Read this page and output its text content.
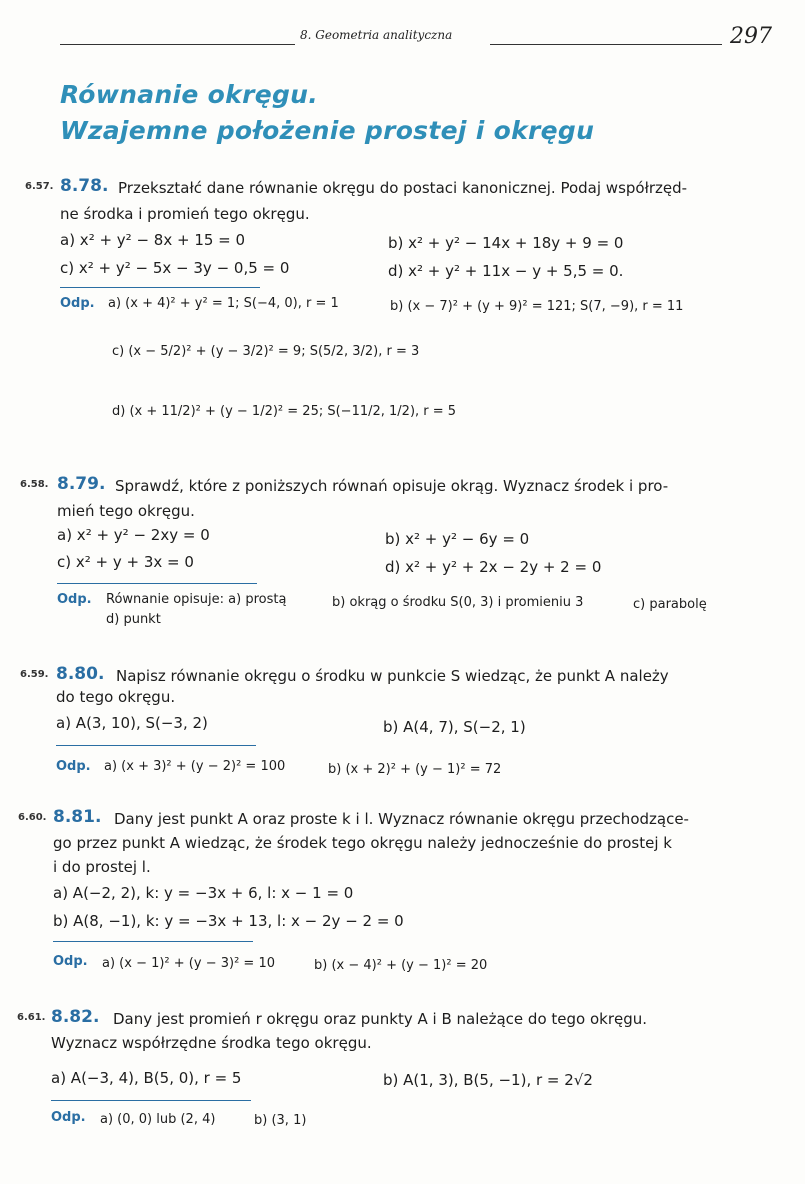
8. Geometria analityczna	297
Równanie okręgu.
Wzajemne położenie prostej i okręgu
6.57. 8.78. Przekształć dane równanie okręgu do postaci kanonicznej. Podaj współrzęd-
ne środka i promień tego okręgu.
a) x² + y² − 8x + 15 = 0	b) x² + y² − 14x + 18y + 9 = 0
c) x² + y² − 5x − 3y − 0,5 = 0	d) x² + y² + 11x − y + 5,5 = 0.
Odp. a) (x + 4)² + y² = 1; S(−4, 0), r = 1	b) (x − 7)² + (y + 9)² = 121; S(7, −9), r = 11
c) (x − 5/2)² + (y − 3/2)² = 9; S(5/2, 3/2), r = 3
d) (x + 11/2)² + (y − 1/2)² = 25; S(−11/2, 1/2), r = 5
6.58. 8.79. Sprawdź, które z poniższych równań opisuje okrąg. Wyznacz środek i pro-
mień tego okręgu.
a) x² + y² − 2xy = 0	b) x² + y² − 6y = 0
c) x² + y + 3x = 0	d) x² + y² + 2x − 2y + 2 = 0
Odp. Równanie opisuje: a) prostą	b) okrąg o środku S(0, 3) i promieniu 3	c) parabolę
d) punkt
6.59. 8.80. Napisz równanie okręgu o środku w punkcie S wiedząc, że punkt A należy
do tego okręgu.
a) A(3, 10), S(−3, 2)	b) A(4, 7), S(−2, 1)
Odp. a) (x + 3)² + (y − 2)² = 100	b) (x + 2)² + (y − 1)² = 72
6.60. 8.81. Dany jest punkt A oraz proste k i l. Wyznacz równanie okręgu przechodzące-
go przez punkt A wiedząc, że środek tego okręgu należy jednocześnie do prostej k
i do prostej l.
a) A(−2, 2), k: y = −3x + 6, l: x − 1 = 0
b) A(8, −1), k: y = −3x + 13, l: x − 2y − 2 = 0
Odp. a) (x − 1)² + (y − 3)² = 10	b) (x − 4)² + (y − 1)² = 20
6.61. 8.82. Dany jest promień r okręgu oraz punkty A i B należące do tego okręgu.
Wyznacz współrzędne środka tego okręgu.
a) A(−3, 4), B(5, 0), r = 5	b) A(1, 3), B(5, −1), r = 2√2
Odp. a) (0, 0) lub (2, 4)	b) (3, 1)
